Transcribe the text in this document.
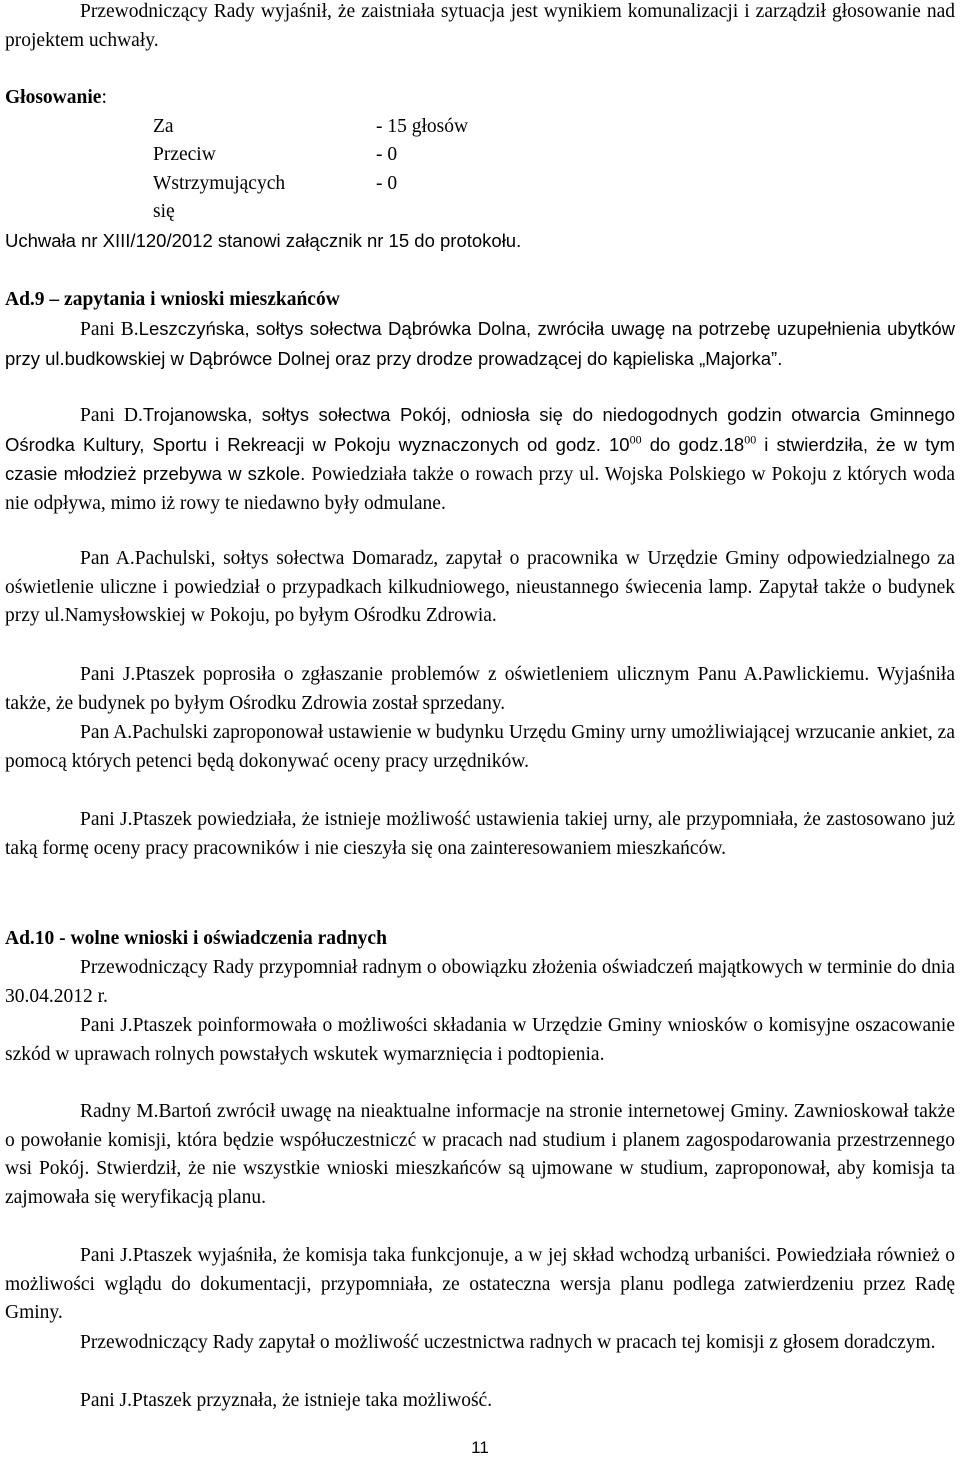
Przewodniczący Rady wyjaśnił, że zaistniała sytuacja jest wynikiem komunalizacji i zarządził głosowanie nad projektem uchwały.

Głosowanie:

Za	- 15 głosów
Przeciw	- 0
Wstrzymujących się
- 0

Uchwała nr XIII/120/2012 stanowi załącznik nr 15 do protokołu.

Ad.9 – zapytania i wnioski mieszkańców

Pani B.Leszczyńska, sołtys sołectwa Dąbrówka Dolna, zwróciła uwagę na potrzebę uzupełnienia ubytków przy ul.budkowskiej w Dąbrówce Dolnej oraz przy drodze prowadzącej do kąpieliska „Majorka”.

Pani D.Trojanowska, sołtys sołectwa Pokój, odniosła się do niedogodnych godzin otwarcia Gminnego Ośrodka Kultury, Sportu i Rekreacji w Pokoju wyznaczonych od godz. $10^{00}$ do $godz.18^{00}$ i stwierdziła, że w tym czasie młodzież przebywa w szkole. Powiedziała także o rowach przy ul. Wojska Polskiego w Pokoju z których woda nie odpływa, mimo iż rowy te niedawno były odmulane.

Pan A.Pachulski, sołtys sołectwa Domaradz, zapytał o pracownika w Urzędzie Gminy odpowiedzialnego za oświetlenie uliczne i powiedział o przypadkach kilkudniowego, nieustannego świecenia lamp. Zapytał także o budynek przy ul.Namysłowskiej w Pokoju, po byłym Ośrodku Zdrowia.

Pani J.Ptaszek poprosiła o zgłaszanie problemów z oświetleniem ulicznym Panu A.Pawlickiemu. Wyjaśniła także, że budynek po byłym Ośrodku Zdrowia został sprzedany.

Pan A.Pachulski zaproponował ustawienie w budynku Urzędu Gminy urny umożliwiającej wrzucanie ankiet, za pomocą których petenci będą dokonywać oceny pracy urzędników.

Pani J.Ptaszek powiedziała, że istnieje możliwość ustawienia takiej urny, ale przypomniała, że zastosowano już taką formę oceny pracy pracowników i nie cieszyła się ona zainteresowaniem mieszkańców.

Ad.10 - wolne wnioski i oświadczenia radnych

Przewodniczący Rady przypomniał radnym o obowiązku złożenia oświadczeń majątkowych w terminie do dnia 30.04.2012 r.

Pani J.Ptaszek poinformowała o możliwości składania w Urzędzie Gminy wniosków o komisyjne oszacowanie szkód w uprawach rolnych powstałych wskutek wymarznięcia i podtopienia.

Radny M.Bartoń zwrócił uwagę na nieaktualne informacje na stronie internetowej Gminy. Zawnioskował także o powołanie komisji, która będzie współuczestniczć w pracach nad studium i planem zagospodarowania przestrzennego wsi Pokój. Stwierdził, że nie wszystkie wnioski mieszkańców są ujmowane w studium, zaproponował, aby komisja ta zajmowała się weryfikacją planu.

Pani J.Ptaszek wyjaśniła, że komisja taka funkcjonuje, a w jej skład wchodzą urbaniści. Powiedziała również o możliwości wglądu do dokumentacji, przypomniała, ze ostateczna wersja planu podlega zatwierdzeniu przez Radę Gminy.

Przewodniczący Rady zapytał o możliwość uczestnictwa radnych w pracach tej komisji z głosem doradczym.

Pani J.Ptaszek przyznała, że istnieje taka możliwość.

11
